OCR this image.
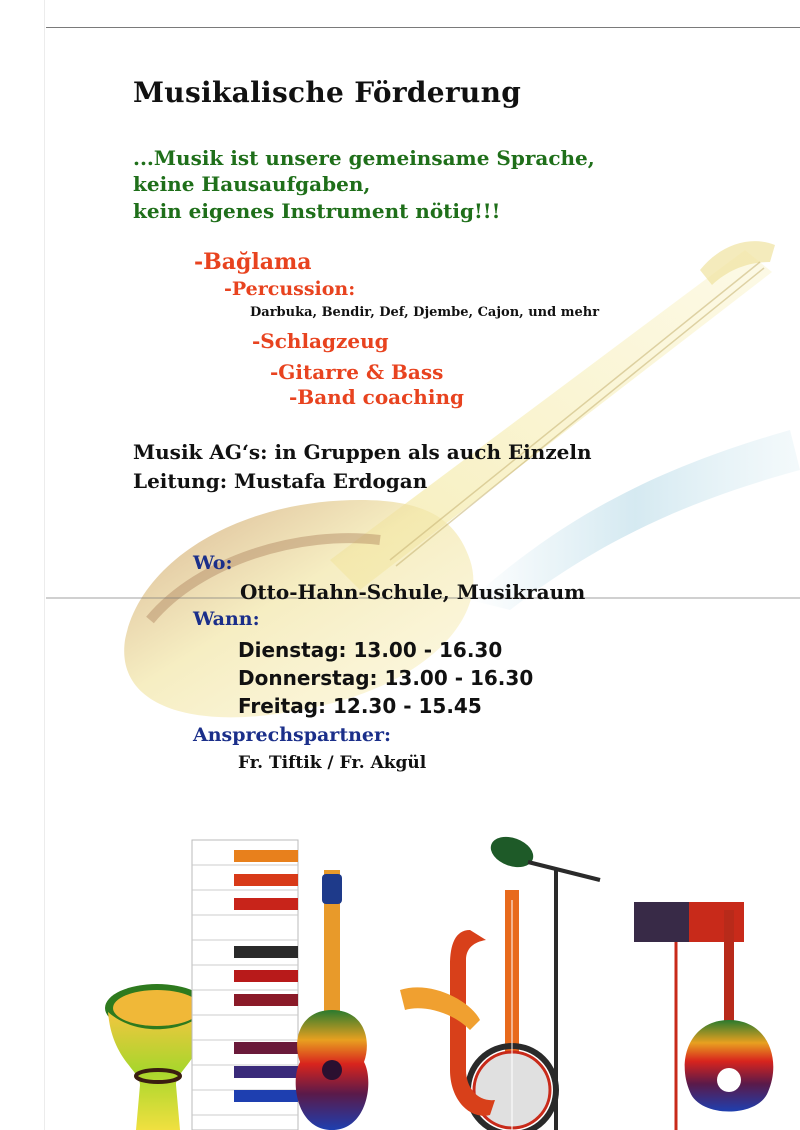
Musikalische Förderung
...Musik ist unsere gemeinsame Sprache,
keine Hausaufgaben,
kein eigenes Instrument nötig!!!
-Bağlama
-Percussion:
Darbuka, Bendir, Def, Djembe, Cajon, und mehr
-Schlagzeug
-Gitarre & Bass
-Band coaching
Musik AG‘s: in Gruppen als auch Einzeln
Leitung: Mustafa Erdogan
Wo:
Otto-Hahn-Schule, Musikraum
Wann:
Dienstag: 13.00 - 16.30
Donnerstag: 13.00 - 16.30
Freitag: 12.30 - 15.45
Ansprechspartner:
Fr. Tiftik / Fr. Akgül
